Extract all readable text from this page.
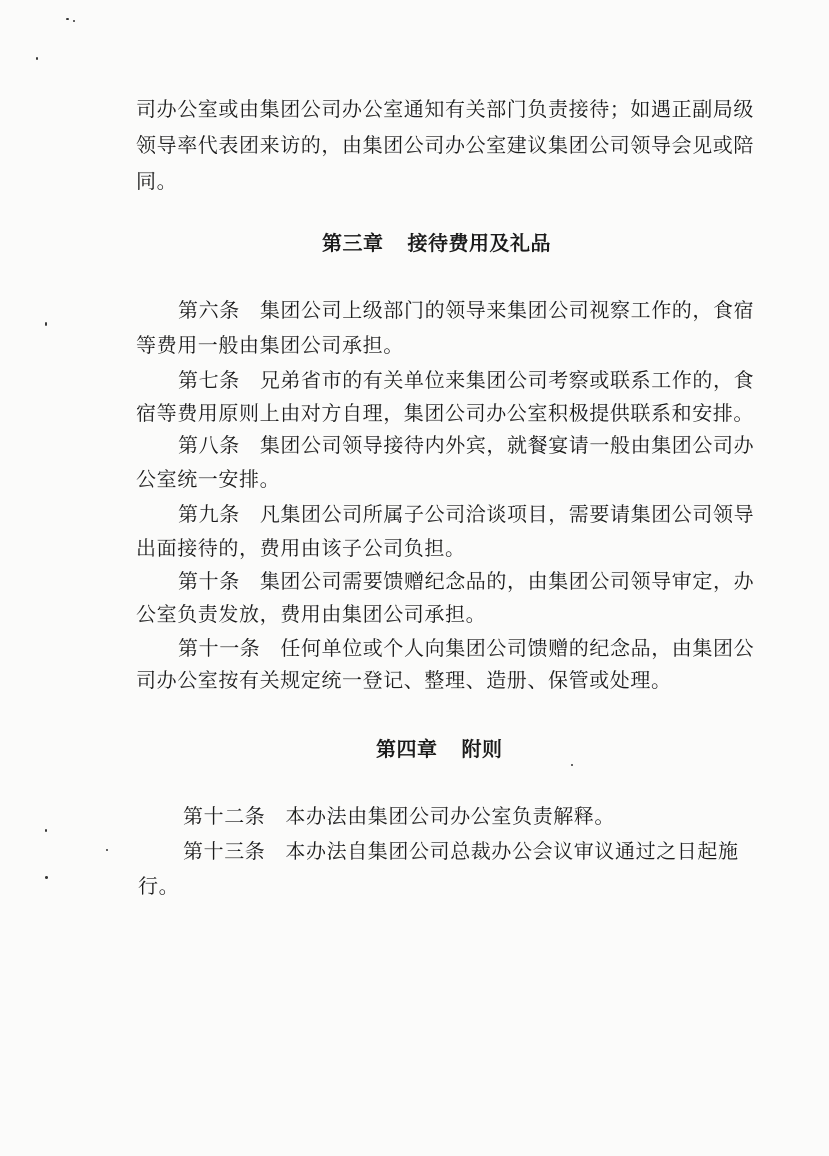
司办公室或由集团公司办公室通知有关部门负责接待；如遇正副局级
领导率代表团来访的，由集团公司办公室建议集团公司领导会见或陪
同。
第三章 接待费用及礼品
第六条 集团公司上级部门的领导来集团公司视察工作的，食宿
等费用一般由集团公司承担。
第七条 兄弟省市的有关单位来集团公司考察或联系工作的，食
宿等费用原则上由对方自理，集团公司办公室积极提供联系和安排。
第八条 集团公司领导接待内外宾，就餐宴请一般由集团公司办
公室统一安排。
第九条 凡集团公司所属子公司洽谈项目，需要请集团公司领导
出面接待的，费用由该子公司负担。
第十条 集团公司需要馈赠纪念品的，由集团公司领导审定，办
公室负责发放，费用由集团公司承担。
第十一条 任何单位或个人向集团公司馈赠的纪念品，由集团公
司办公室按有关规定统一登记、整理、造册、保管或处理。
第四章 附则
第十二条 本办法由集团公司办公室负责解释。
第十三条 本办法自集团公司总裁办公会议审议通过之日起施
行。
